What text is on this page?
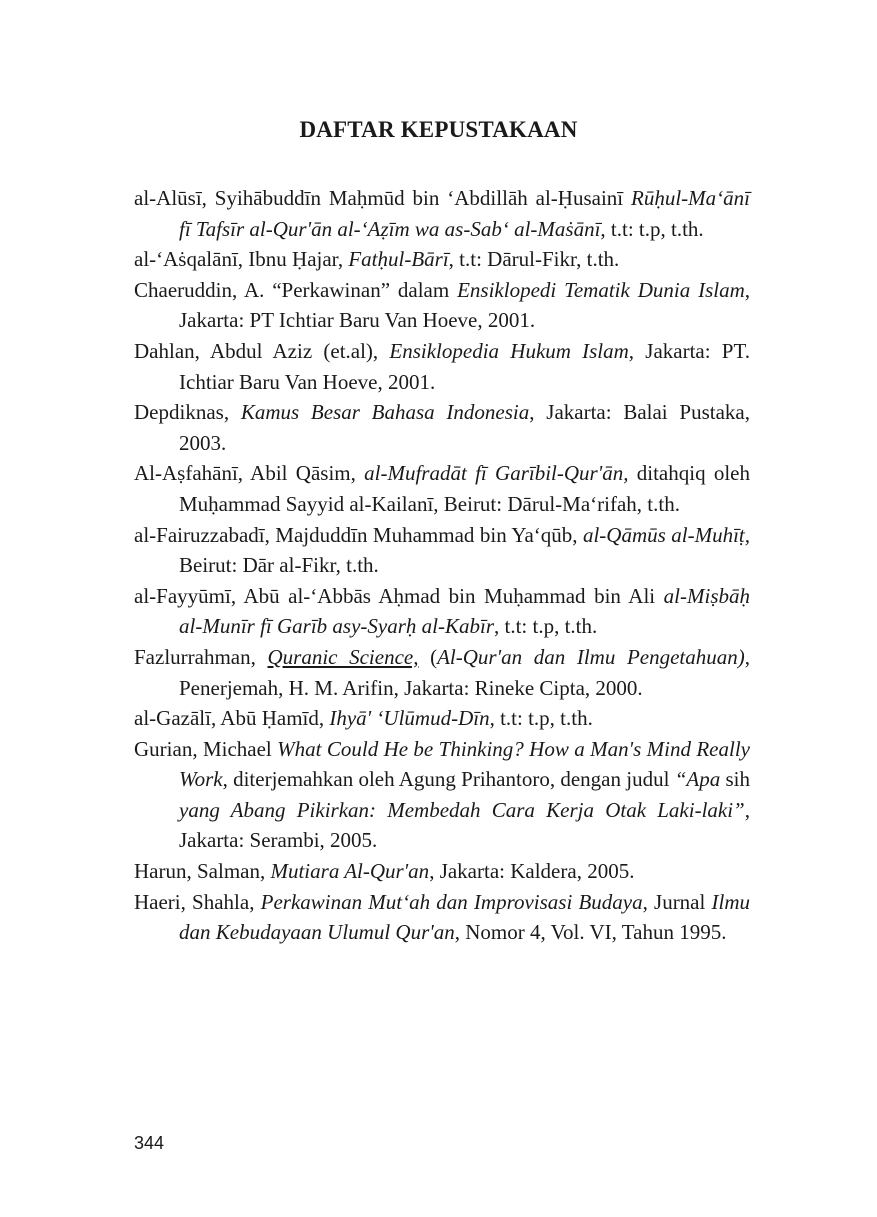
DAFTAR KEPUSTAKAAN

al-Alūsī, Syihābuddīn Maḥmūd bin ‘Abdillāh al-Ḥusainī Rūḥul-Ma‘ānī fī Tafsīr al-Qur'ān al-‘Aẓīm wa as-Sab‘ al-Maṡānī, t.t: t.p, t.th.

al-‘Aṡqalānī, Ibnu Ḥajar, Fatḥul-Bārī, t.t: Dārul-Fikr, t.th.

Chaeruddin, A. “Perkawinan” dalam Ensiklopedi Tematik Dunia Islam, Jakarta: PT Ichtiar Baru Van Hoeve, 2001.

Dahlan, Abdul Aziz (et.al), Ensiklopedia Hukum Islam, Jakarta: PT. Ichtiar Baru Van Hoeve, 2001.

Depdiknas, Kamus Besar Bahasa Indonesia, Jakarta: Balai Pustaka, 2003.

Al-Aṣfahānī, Abil Qāsim, al-Mufradāt fī Garībil-Qur'ān, ditahqiq oleh Muḥammad Sayyid al-Kailanī, Beirut: Dārul-Ma‘rifah, t.th.

al-Fairuzzabadī, Majduddīn Muhammad bin Ya‘qūb, al-Qāmūs al-Muhīṭ, Beirut: Dār al-Fikr, t.th.

al-Fayyūmī, Abū al-‘Abbās Aḥmad bin Muḥammad bin Ali al-Miṣbāḥ al-Munīr fī Garīb asy-Syarḥ al-Kabīr, t.t: t.p, t.th.

Fazlurrahman, Quranic Science, (Al-Qur'an dan Ilmu Pengetahuan), Penerjemah, H. M. Arifin, Jakarta: Rineke Cipta, 2000.

al-Gazālī, Abū Ḥamīd, Ihyā' ‘Ulūmud-Dīn, t.t: t.p, t.th.

Gurian, Michael What Could He be Thinking? How a Man's Mind Really Work, diterjemahkan oleh Agung Prihantoro, dengan judul “Apa sih yang Abang Pikirkan: Membedah Cara Kerja Otak Laki-laki”, Jakarta: Serambi, 2005.

Harun, Salman, Mutiara Al-Qur'an, Jakarta: Kaldera, 2005.

Haeri, Shahla, Perkawinan Mut‘ah dan Improvisasi Budaya, Jurnal Ilmu dan Kebudayaan Ulumul Qur'an, Nomor 4, Vol. VI, Tahun 1995.

344
